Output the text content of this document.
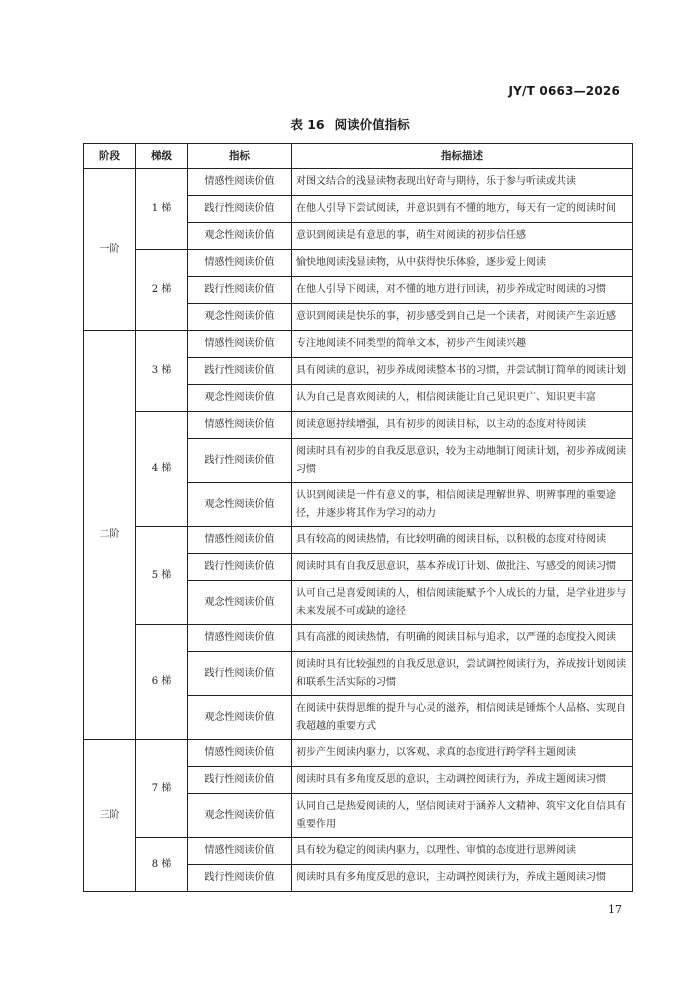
JY/T 0663—2026
表 16 阅读价值指标
阶段	梯级	指标	指标描述
一阶	1 梯	情感性阅读价值	对图文结合的浅显读物表现出好奇与期待，乐于参与听读或共读
		践行性阅读价值	在他人引导下尝试阅读，并意识到有不懂的地方，每天有一定的阅读时间
		观念性阅读价值	意识到阅读是有意思的事，萌生对阅读的初步信任感
	2 梯	情感性阅读价值	愉快地阅读浅显读物，从中获得快乐体验，逐步爱上阅读
		践行性阅读价值	在他人引导下阅读，对不懂的地方进行回读，初步养成定时阅读的习惯
		观念性阅读价值	意识到阅读是快乐的事，初步感受到自己是一个读者，对阅读产生亲近感
二阶	3 梯	情感性阅读价值	专注地阅读不同类型的简单文本，初步产生阅读兴趣
		践行性阅读价值	具有阅读的意识，初步养成阅读整本书的习惯，并尝试制订简单的阅读计划
		观念性阅读价值	认为自己是喜欢阅读的人，相信阅读能让自己见识更广、知识更丰富
	4 梯	情感性阅读价值	阅读意愿持续增强，具有初步的阅读目标，以主动的态度对待阅读
		践行性阅读价值	阅读时具有初步的自我反思意识，较为主动地制订阅读计划，初步养成阅读习惯
		观念性阅读价值	认识到阅读是一件有意义的事，相信阅读是理解世界、明辨事理的重要途径，并逐步将其作为学习的动力
	5 梯	情感性阅读价值	具有较高的阅读热情，有比较明确的阅读目标，以积极的态度对待阅读
		践行性阅读价值	阅读时具有自我反思意识，基本养成订计划、做批注、写感受的阅读习惯
		观念性阅读价值	认可自己是喜爱阅读的人，相信阅读能赋予个人成长的力量，是学业进步与未来发展不可或缺的途径
	6 梯	情感性阅读价值	具有高涨的阅读热情，有明确的阅读目标与追求，以严谨的态度投入阅读
		践行性阅读价值	阅读时具有比较强烈的自我反思意识，尝试调控阅读行为，养成按计划阅读和联系生活实际的习惯
		观念性阅读价值	在阅读中获得思维的提升与心灵的滋养，相信阅读是锤炼个人品格、实现自我超越的重要方式
三阶	7 梯	情感性阅读价值	初步产生阅读内驱力，以客观、求真的态度进行跨学科主题阅读
		践行性阅读价值	阅读时具有多角度反思的意识，主动调控阅读行为，养成主题阅读习惯
		观念性阅读价值	认同自己是热爱阅读的人，坚信阅读对于涵养人文精神、筑牢文化自信具有重要作用
	8 梯	情感性阅读价值	具有较为稳定的阅读内驱力，以理性、审慎的态度进行思辨阅读
		践行性阅读价值	阅读时具有多角度反思的意识，主动调控阅读行为，养成主题阅读习惯
17
